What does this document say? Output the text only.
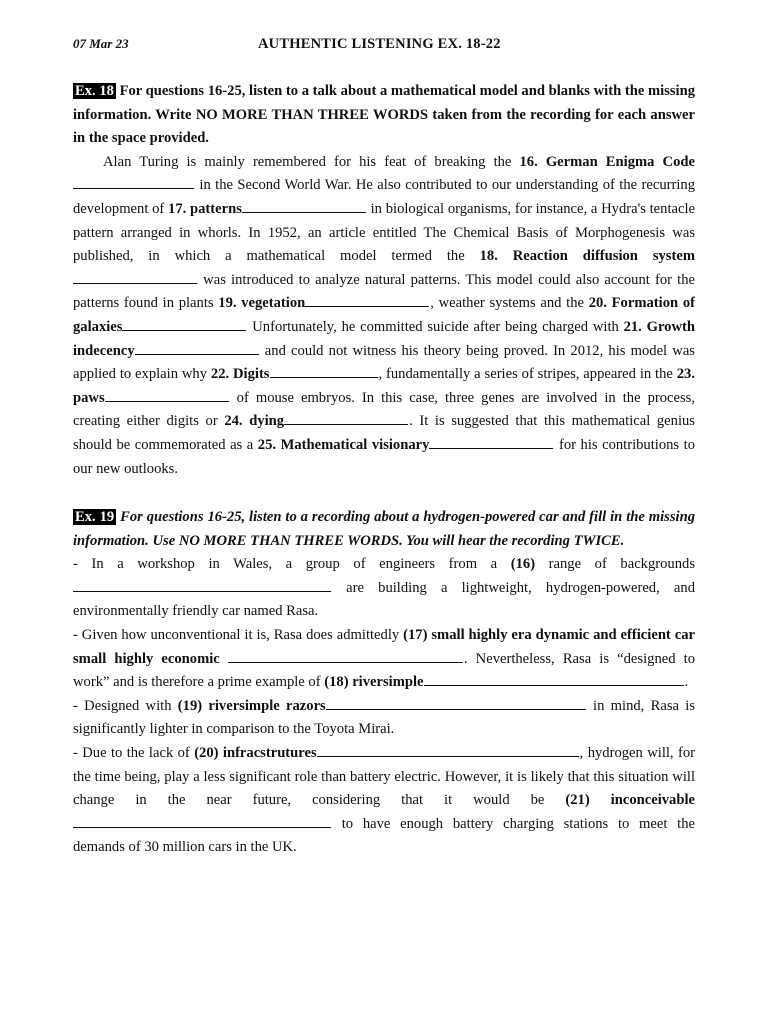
07 Mar 23	AUTHENTIC LISTENING EX. 18-22

Ex. 18 For questions 16-25, listen to a talk about a mathematical model and blanks with the missing information. Write NO MORE THAN THREE WORDS taken from the recording for each answer in the space provided.

Alan Turing is mainly remembered for his feat of breaking the 16. German Enigma Code in the Second World War. He also contributed to our understanding of the recurring development of 17. patterns	in biological organisms, for instance, a Hydra's tentacle pattern arranged in whorls. In 1952, an article entitled The Chemical Basis of Morphogenesis was published, in which a mathematical model termed the 18. Reaction diffusion system was introduced to analyze natural patterns. This model could also account for the patterns found in plants 19. vegetation	, weather systems and the 20. Formation of galaxies	Unfortunately, he committed suicide after being charged with 21. Growth indecency	and could not witness his theory being proved. In 2012, his model was applied to explain why 22. Digits	, fundamentally a series of stripes, appeared in the 23. paws	of mouse embryos. In this case, three genes are involved in the process, creating either digits or 24. dying	. It is suggested that this mathematical genius should be commemorated as a 25. Mathematical visionary	for his contributions to our new outlooks.

Ex. 19 For questions 16-25, listen to a recording about a hydrogen-powered car and fill in the missing information. Use NO MORE THAN THREE WORDS. You will hear the recording TWICE.

- In a workshop in Wales, a group of engineers from a (16) range of backgrounds  are building a lightweight, hydrogen-powered, and environmentally friendly car named Rasa.

- Given how unconventional it is, Rasa does admittedly (17) small highly era dynamic and efficient car small highly economic	. Nevertheless, Rasa is “designed to work” and is therefore a prime example of (18) riversimple	.

- Designed with (19) riversimple razors	in mind, Rasa is significantly lighter in comparison to the Toyota Mirai.

- Due to the lack of (20) infracstrutures	, hydrogen will, for the time being, play a less significant role than battery electric. However, it is likely that this situation will change in the near future, considering that it would be (21) inconceivable to have enough battery charging stations to meet the demands of 30 million cars in the UK.
